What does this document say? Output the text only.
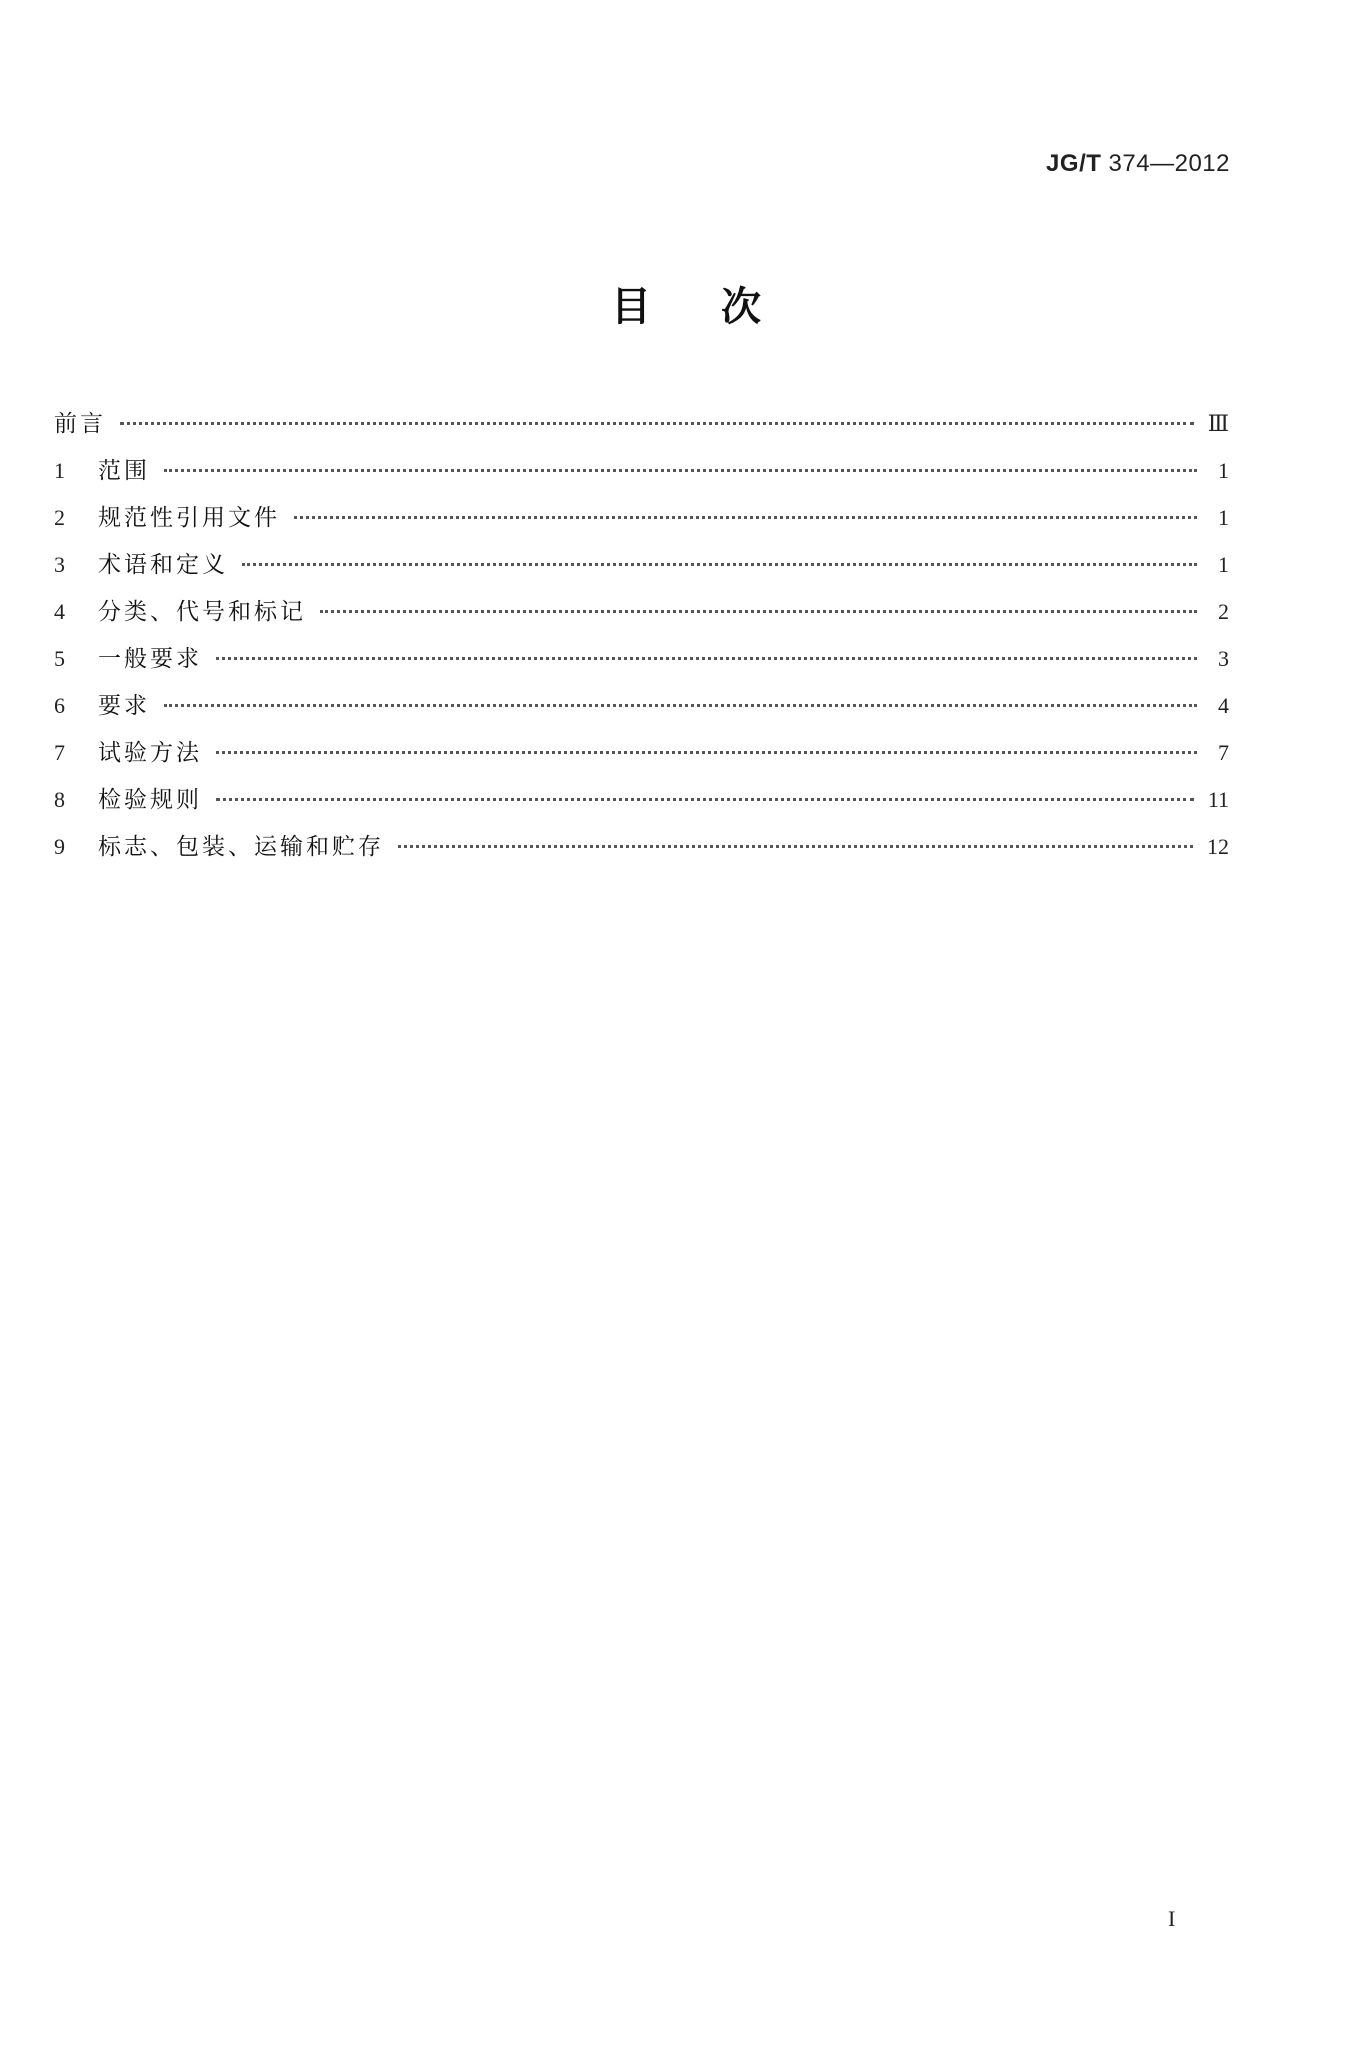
JG/T 374—2012
目次
前言	Ⅲ
1	范围	1
2	规范性引用文件	1
3	术语和定义	1
4	分类、代号和标记	2
5	一般要求	3
6	要求	4
7	试验方法	7
8	检验规则	11
9	标志、包装、运输和贮存	12
I
